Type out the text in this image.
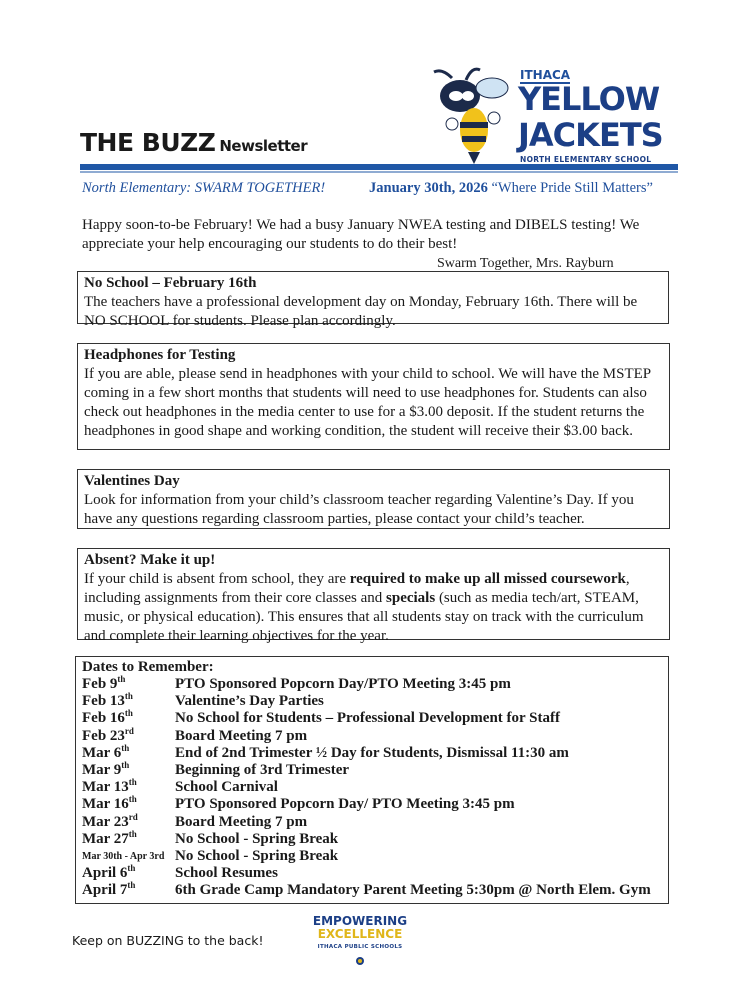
THE BUZZ Newsletter
ITHACA
YELLOW
JACKETS
NORTH ELEMENTARY SCHOOL
North Elementary: SWARM TOGETHER!	January 30th, 2026 “Where Pride Still Matters”
Happy soon-to-be February! We had a busy January NWEA testing and DIBELS testing! We appreciate your help encouraging our students to do their best!
Swarm Together, Mrs. Rayburn
No School – February 16th

The teachers have a professional development day on Monday, February 16th. There will be NO SCHOOL for students. Please plan accordingly.

Headphones for Testing

If you are able, please send in headphones with your child to school. We will have the MSTEP coming in a few short months that students will need to use headphones for. Students can also check out headphones in the media center to use for a $3.00 deposit. If the student returns the headphones in good shape and working condition, the student will receive their $3.00 back.

Valentines Day

Look for information from your child’s classroom teacher regarding Valentine’s Day. If you have any questions regarding classroom parties, please contact your child’s teacher.

Absent? Make it up!

If your child is absent from school, they are required to make up all missed coursework, including assignments from their core classes and specials (such as media tech/art, STEAM, music, or physical education). This ensures that all students stay on track with the curriculum and complete their learning objectives for the year.

Dates to Remember:
Feb 9th	PTO Sponsored Popcorn Day/PTO Meeting 3:45 pm
Feb 13th	Valentine’s Day Parties
Feb 16th	No School for Students – Professional Development for Staff
Feb 23rd	Board Meeting 7 pm
Mar 6th	End of 2nd Trimester ½ Day for Students, Dismissal 11:30 am
Mar 9th	Beginning of 3rd Trimester
Mar 13th	School Carnival
Mar 16th	PTO Sponsored Popcorn Day/ PTO Meeting 3:45 pm
Mar 23rd	Board Meeting 7 pm
Mar 27th	No School - Spring Break
Mar 30th - Apr 3rd No School - Spring Break
April 6th	School Resumes
April 7th	6th Grade Camp Mandatory Parent Meeting 5:30pm @ North Elem. Gym
Keep on BUZZING to the back!
EMPOWERING
EXCELLENCE
ITHACA PUBLIC SCHOOLS
